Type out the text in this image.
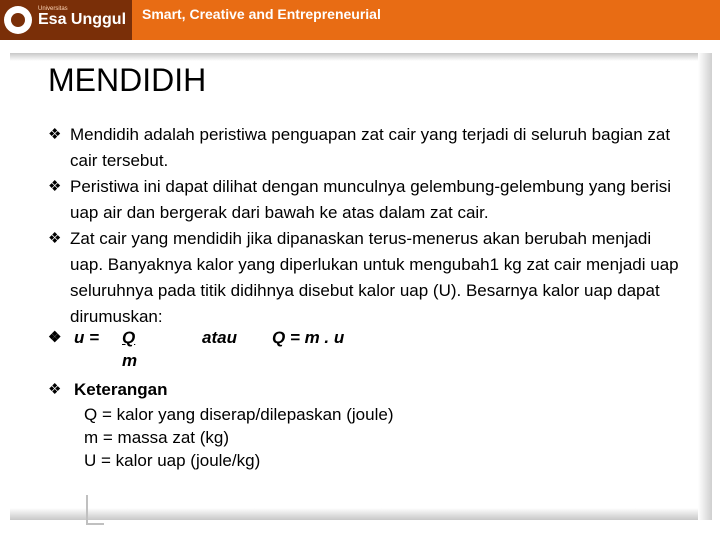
Universitas
Esa Unggul Smart, Creative and Entrepreneurial
MENDIDIH
❖ Mendidih adalah peristiwa penguapan zat cair yang terjadi di seluruh bagian zat cair tersebut.
❖ Peristiwa ini dapat dilihat dengan munculnya gelembung-gelembung yang berisi uap air dan bergerak dari bawah ke atas dalam zat cair.
❖ Zat cair yang mendidih jika dipanaskan terus-menerus akan berubah menjadi uap. Banyaknya kalor yang diperlukan untuk mengubah1 kg zat cair menjadi uap seluruhnya pada titik didihnya disebut kalor uap (U). Besarnya kalor uap dapat dirumuskan:
❖ u = Q	atau Q = m . u
m
❖ Keterangan
Q = kalor yang diserap/dilepaskan (joule)
m = massa zat (kg)
U = kalor uap (joule/kg)
